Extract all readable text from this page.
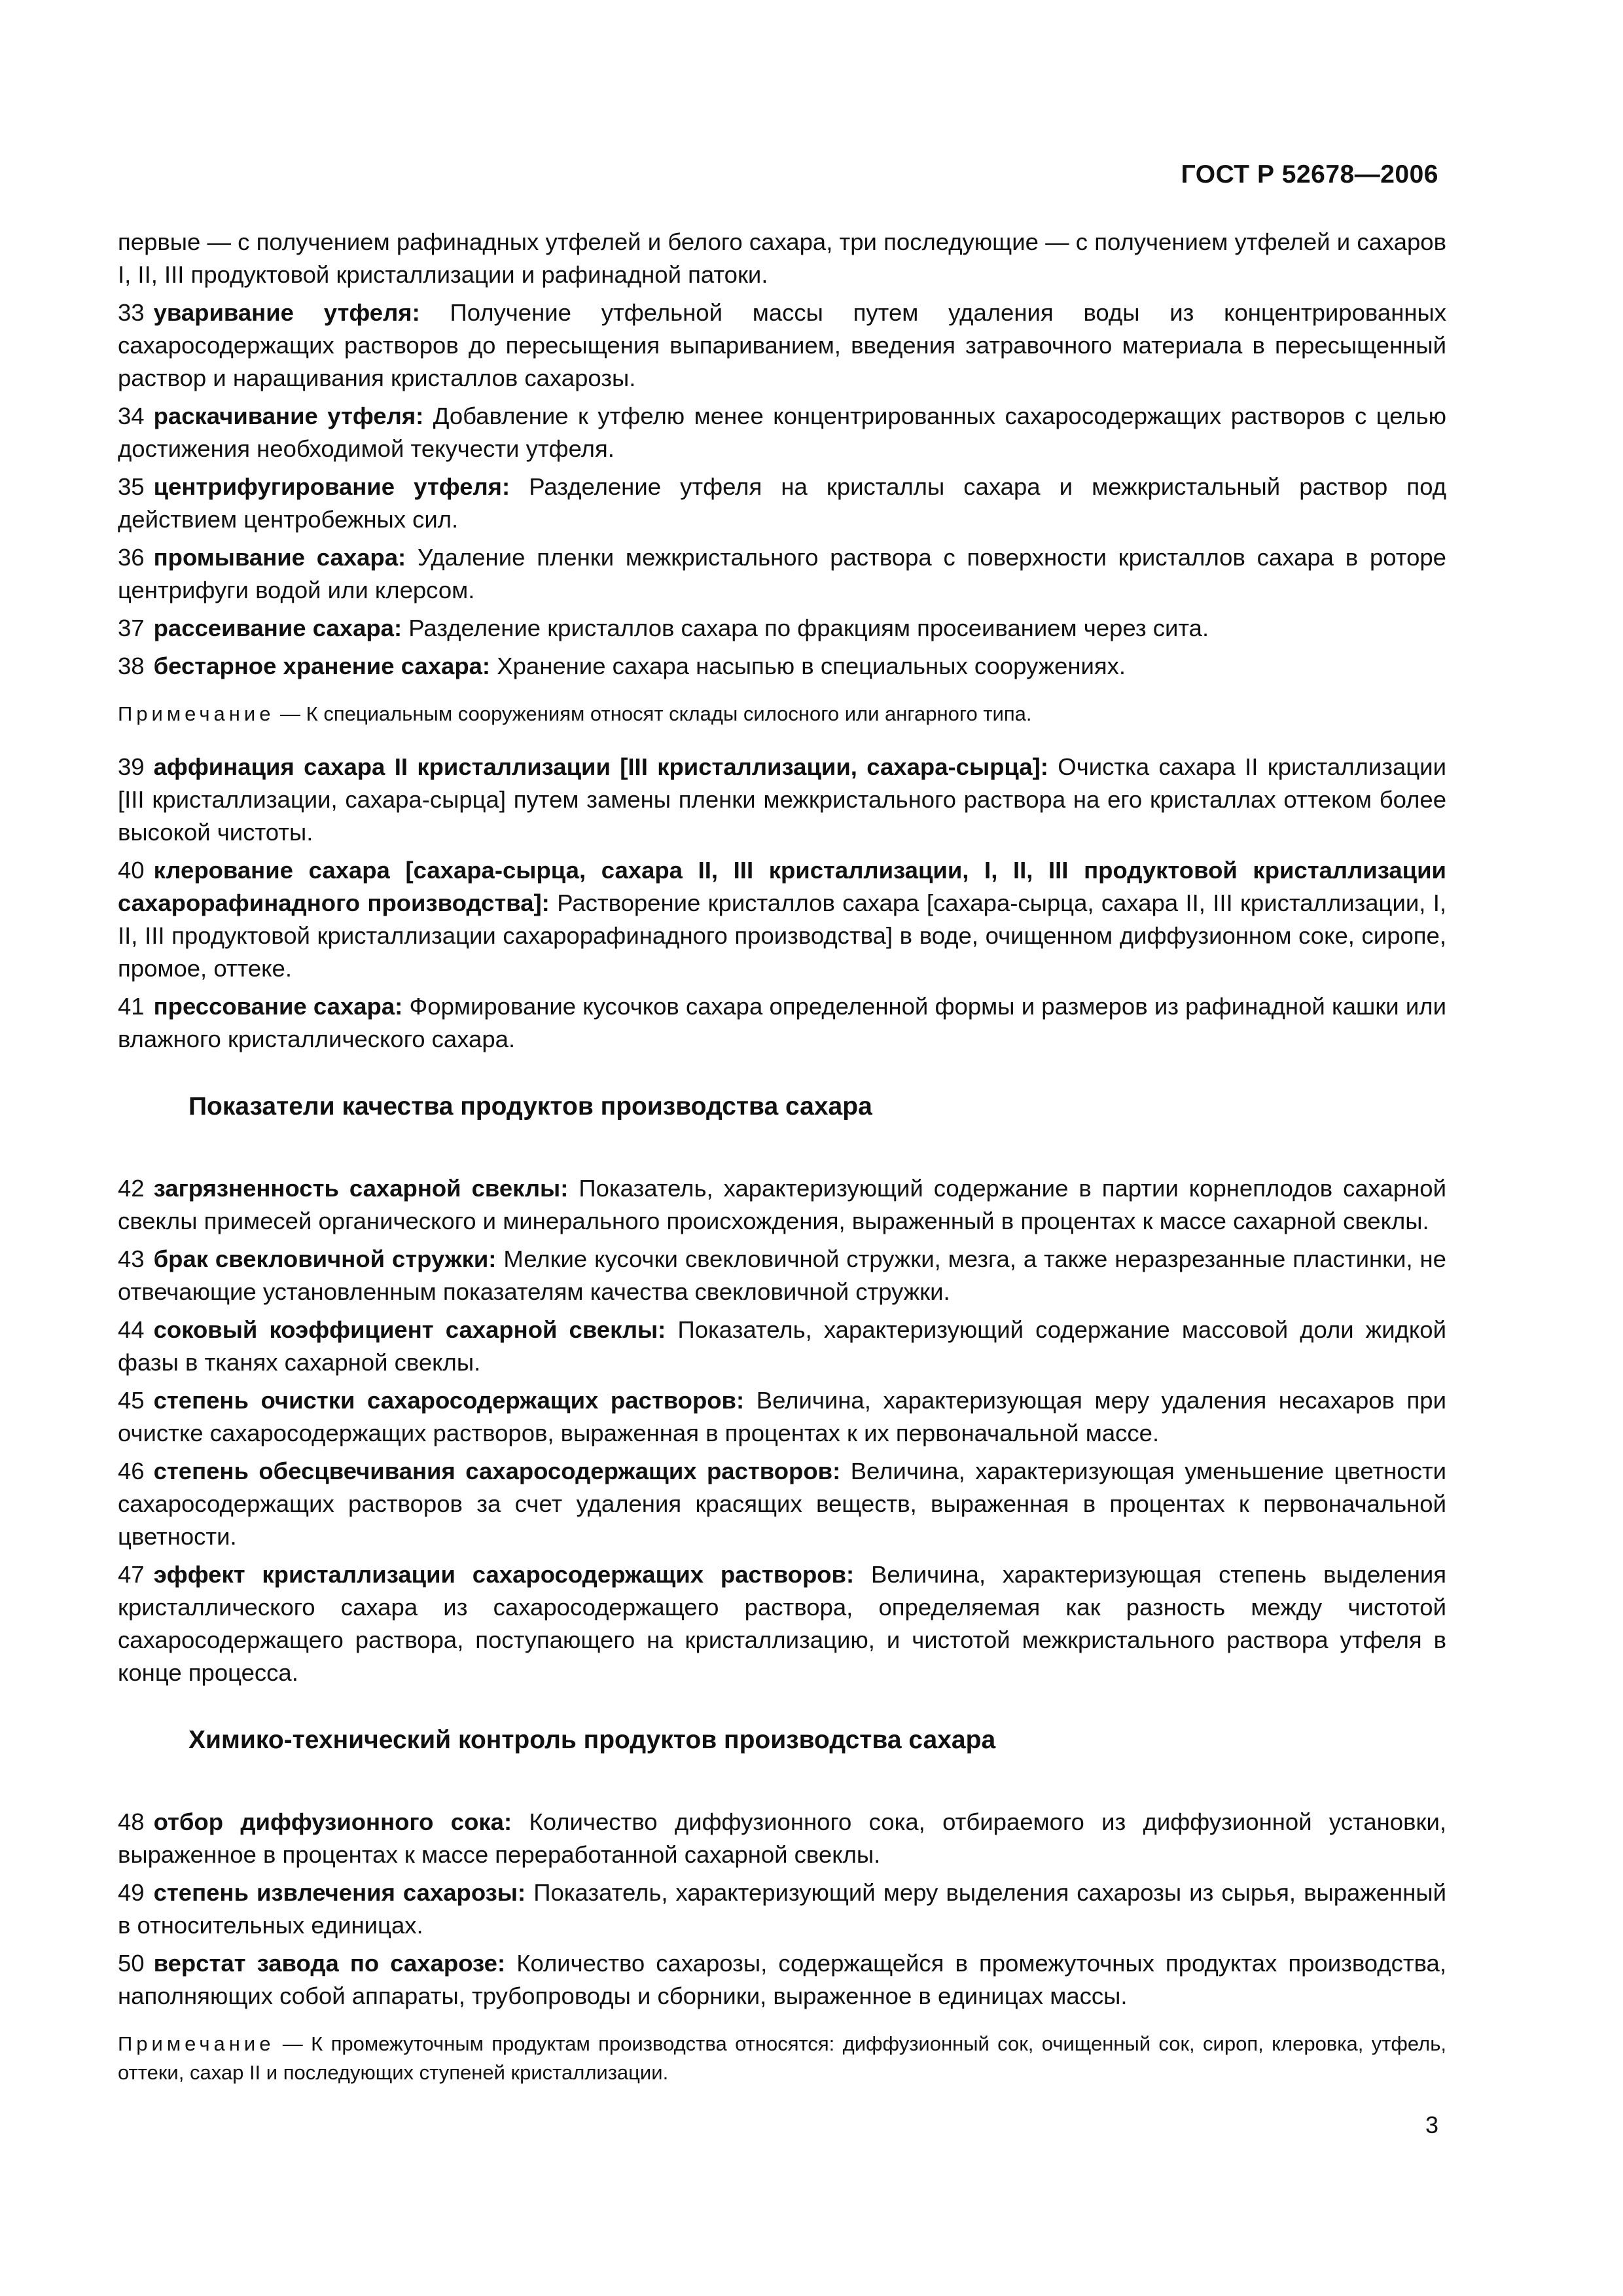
ГОСТ Р 52678—2006

первые — с получением рафинадных утфелей и белого сахара, три последующие — с получением утфелей и сахаров I, II, III продуктовой кристаллизации и рафинадной патоки.

33 уваривание утфеля: Получение утфельной массы путем удаления воды из концентрированных сахаросодержащих растворов до пересыщения выпариванием, введения затравочного материала в пересыщенный раствор и наращивания кристаллов сахарозы.

34 раскачивание утфеля: Добавление к утфелю менее концентрированных сахаросодержащих растворов с целью достижения необходимой текучести утфеля.

35 центрифугирование утфеля: Разделение утфеля на кристаллы сахара и межкристальный раствор под действием центробежных сил.

36 промывание сахара: Удаление пленки межкристального раствора с поверхности кристаллов сахара в роторе центрифуги водой или клерсом.

37 рассеивание сахара: Разделение кристаллов сахара по фракциям просеиванием через сита.

38 бестарное хранение сахара: Хранение сахара насыпью в специальных сооружениях.

Примечание — К специальным сооружениям относят склады силосного или ангарного типа.

39 аффинация сахара II кристаллизации [III кристаллизации, сахара-сырца]: Очистка сахара II кристаллизации [III кристаллизации, сахара-сырца] путем замены пленки межкристального раствора на его кристаллах оттеком более высокой чистоты.

40 клерование сахара [сахара-сырца, сахара II, III кристаллизации, I, II, III продуктовой кристаллизации сахарорафинадного производства]: Растворение кристаллов сахара [сахара-сырца, сахара II, III кристаллизации, I, II, III продуктовой кристаллизации сахарорафинадного производства] в воде, очищенном диффузионном соке, сиропе, промое, оттеке.

41 прессование сахара: Формирование кусочков сахара определенной формы и размеров из рафинадной кашки или влажного кристаллического сахара.

Показатели качества продуктов производства сахара

42 загрязненность сахарной свеклы: Показатель, характеризующий содержание в партии корнеплодов сахарной свеклы примесей органического и минерального происхождения, выраженный в процентах к массе сахарной свеклы.

43 брак свекловичной стружки: Мелкие кусочки свекловичной стружки, мезга, а также неразрезанные пластинки, не отвечающие установленным показателям качества свекловичной стружки.

44 соковый коэффициент сахарной свеклы: Показатель, характеризующий содержание массовой доли жидкой фазы в тканях сахарной свеклы.

45 степень очистки сахаросодержащих растворов: Величина, характеризующая меру удаления несахаров при очистке сахаросодержащих растворов, выраженная в процентах к их первоначальной массе.

46 степень обесцвечивания сахаросодержащих растворов: Величина, характеризующая уменьшение цветности сахаросодержащих растворов за счет удаления красящих веществ, выраженная в процентах к первоначальной цветности.

47 эффект кристаллизации сахаросодержащих растворов: Величина, характеризующая степень выделения кристаллического сахара из сахаросодержащего раствора, определяемая как разность между чистотой сахаросодержащего раствора, поступающего на кристаллизацию, и чистотой межкристального раствора утфеля в конце процесса.

Химико-технический контроль продуктов производства сахара

48 отбор диффузионного сока: Количество диффузионного сока, отбираемого из диффузионной установки, выраженное в процентах к массе переработанной сахарной свеклы.

49 степень извлечения сахарозы: Показатель, характеризующий меру выделения сахарозы из сырья, выраженный в относительных единицах.

50 верстат завода по сахарозе: Количество сахарозы, содержащейся в промежуточных продуктах производства, наполняющих собой аппараты, трубопроводы и сборники, выраженное в единицах массы.

Примечание — К промежуточным продуктам производства относятся: диффузионный сок, очищенный сок, сироп, клеровка, утфель, оттеки, сахар II и последующих ступеней кристаллизации.

3
